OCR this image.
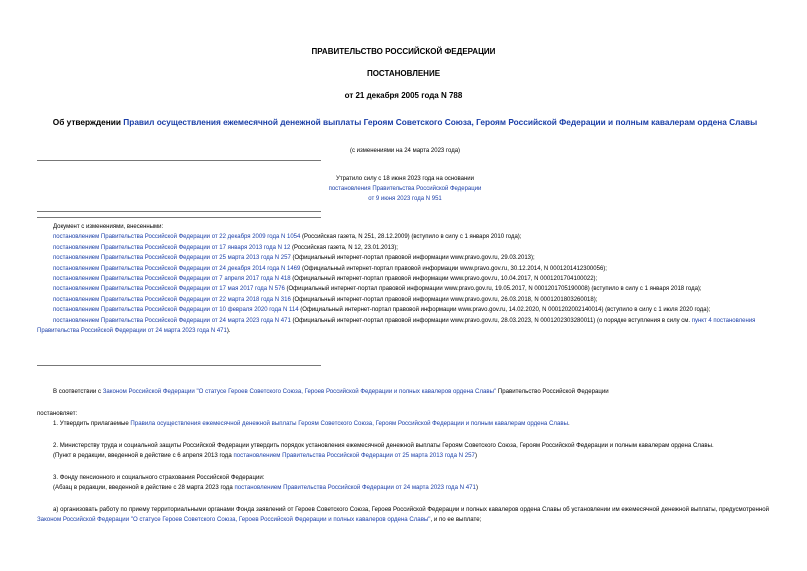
ПРАВИТЕЛЬСТВО РОССИЙСКОЙ ФЕДЕРАЦИИ
ПОСТАНОВЛЕНИЕ
от 21 декабря 2005 года N 788
Об утверждении Правил осуществления ежемесячной денежной выплаты Героям Советского Союза, Героям Российской Федерации и полным кавалерам ордена Славы
(с изменениями на 24 марта 2023 года)
Утратило силу с 18 июня 2023 года на основании
постановления Правительства Российской Федерации
от 9 июня 2023 года N 951
Документ с изменениями, внесенными:
постановлением Правительства Российской Федерации от 22 декабря 2009 года N 1054 (Российская газета, N 251, 28.12.2009) (вступило в силу с 1 января 2010 года);
постановлением Правительства Российской Федерации от 17 января 2013 года N 12 (Российская газета, N 12, 23.01.2013);
постановлением Правительства Российской Федерации от 25 марта 2013 года N 257 (Официальный интернет-портал правовой информации www.pravo.gov.ru, 29.03.2013);
постановлением Правительства Российской Федерации от 24 декабря 2014 года N 1469 (Официальный интернет-портал правовой информации www.pravo.gov.ru, 30.12.2014, N 0001201412300056);
постановлением Правительства Российской Федерации от 7 апреля 2017 года N 418 (Официальный интернет-портал правовой информации www.pravo.gov.ru, 10.04.2017, N 0001201704100022);
постановлением Правительства Российской Федерации от 17 мая 2017 года N 576 (Официальный интернет-портал правовой информации www.pravo.gov.ru, 19.05.2017, N 0001201705190008) (вступило в силу с 1 января 2018 года);
постановлением Правительства Российской Федерации от 22 марта 2018 года N 316 (Официальный интернет-портал правовой информации www.pravo.gov.ru, 26.03.2018, N 0001201803260018);
постановлением Правительства Российской Федерации от 10 февраля 2020 года N 114 (Официальный интернет-портал правовой информации www.pravo.gov.ru, 14.02.2020, N 0001202002140014) (вступило в силу с 1 июля 2020 года);
постановлением Правительства Российской Федерации от 24 марта 2023 года N 471 (Официальный интернет-портал правовой информации www.pravo.gov.ru, 28.03.2023, N 0001202303280011) (о порядке вступления в силу см. пункт 4 постановления Правительства Российской Федерации от 24 марта 2023 года N 471).
В соответствии с Законом Российской Федерации "О статусе Героев Советского Союза, Героев Российской Федерации и полных кавалеров ордена Славы" Правительство Российской Федерации
постановляет:
1. Утвердить прилагаемые Правила осуществления ежемесячной денежной выплаты Героям Советского Союза, Героям Российской Федерации и полным кавалерам ордена Славы.
2. Министерству труда и социальной защиты Российской Федерации утвердить порядок установления ежемесячной денежной выплаты Героям Советского Союза, Героям Российской Федерации и полным кавалерам ордена Славы.
(Пункт в редакции, введенной в действие с 6 апреля 2013 года постановлением Правительства Российской Федерации от 25 марта 2013 года N 257)
3. Фонду пенсионного и социального страхования Российской Федерации:
(Абзац в редакции, введенной в действие с 28 марта 2023 года постановлением Правительства Российской Федерации от 24 марта 2023 года N 471)
а) организовать работу по приему территориальными органами Фонда заявлений от Героев Советского Союза, Героев Российской Федерации и полных кавалеров ордена Славы об установлении им ежемесячной денежной выплаты, предусмотренной Законом Российской Федерации "О статусе Героев Советского Союза, Героев Российской Федерации и полных кавалеров ордена Славы", и по ее выплате;
